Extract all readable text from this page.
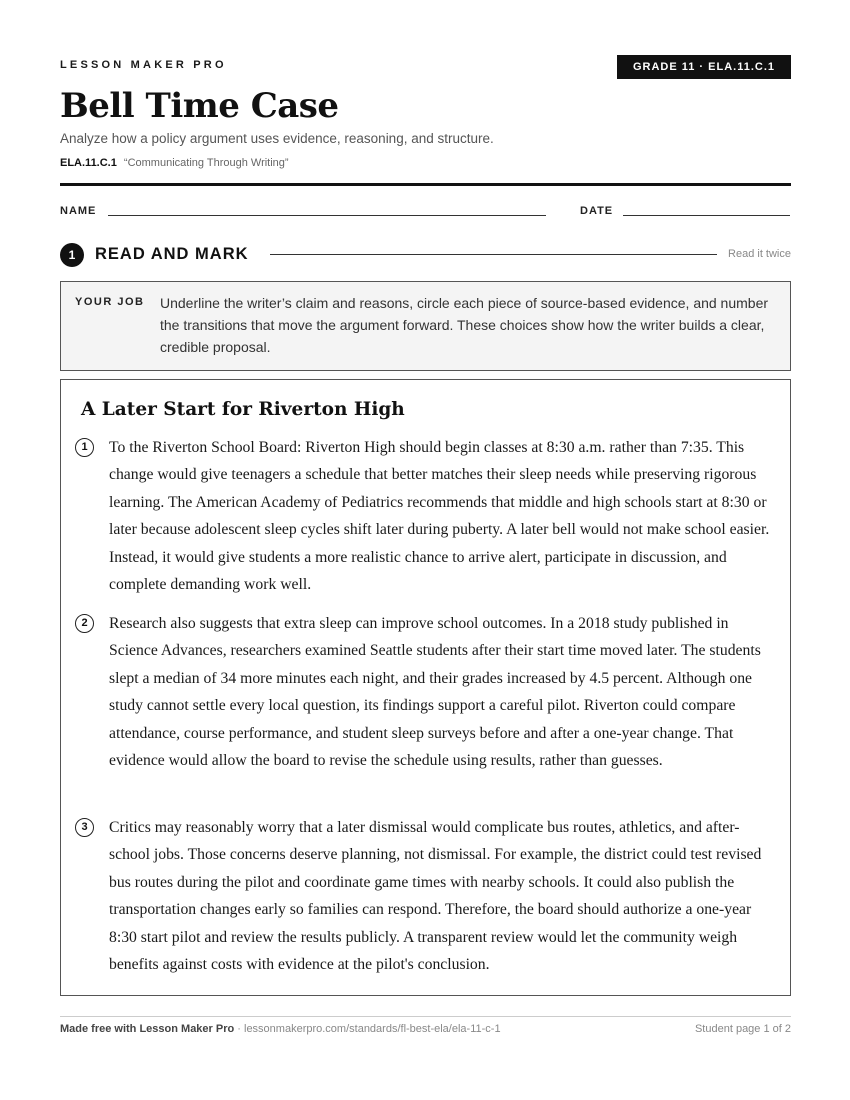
LESSON MAKER PRO	GRADE 11 · ELA.11.C.1
Bell Time Case
Analyze how a policy argument uses evidence, reasoning, and structure.
ELA.11.C.1 “Communicating Through Writing”
NAME	DATE
1	READ AND MARK	Read it twice
YOUR JOB Underline the writer’s claim and reasons, circle each piece of source-based evidence, and number the transitions that move the argument forward. These choices show how the writer builds a clear, credible proposal.
A Later Start for Riverton High
1	To the Riverton School Board: Riverton High should begin classes at 8:30 a.m. rather than 7:35. This change would give teenagers a schedule that better matches their sleep needs while preserving rigorous learning. The American Academy of Pediatrics recommends that middle and high schools start at 8:30 or later because adolescent sleep cycles shift later during puberty. A later bell would not make school easier. Instead, it would give students a more realistic chance to arrive alert, participate in discussion, and complete demanding work well.

2	Research also suggests that extra sleep can improve school outcomes. In a 2018 study published in Science Advances, researchers examined Seattle students after their start time moved later. The students slept a median of 34 more minutes each night, and their grades increased by 4.5 percent. Although one study cannot settle every local question, its findings support a careful pilot. Riverton could compare attendance, course performance, and student sleep surveys before and after a one-year change. That evidence would allow the board to revise the schedule using results, rather than guesses.

3	Critics may reasonably worry that a later dismissal would complicate bus routes, athletics, and after-school jobs. Those concerns deserve planning, not dismissal. For example, the district could test revised bus routes during the pilot and coordinate game times with nearby schools. It could also publish the transportation changes early so families can respond. Therefore, the board should authorize a one-year 8:30 start pilot and review the results publicly. A transparent review would let the community weigh benefits against costs with evidence at the pilot's conclusion.

Made free with Lesson Maker Pro · lessonmakerpro.com/standards/fl-best-ela/ela-11-c-1	Student page 1 of 2
